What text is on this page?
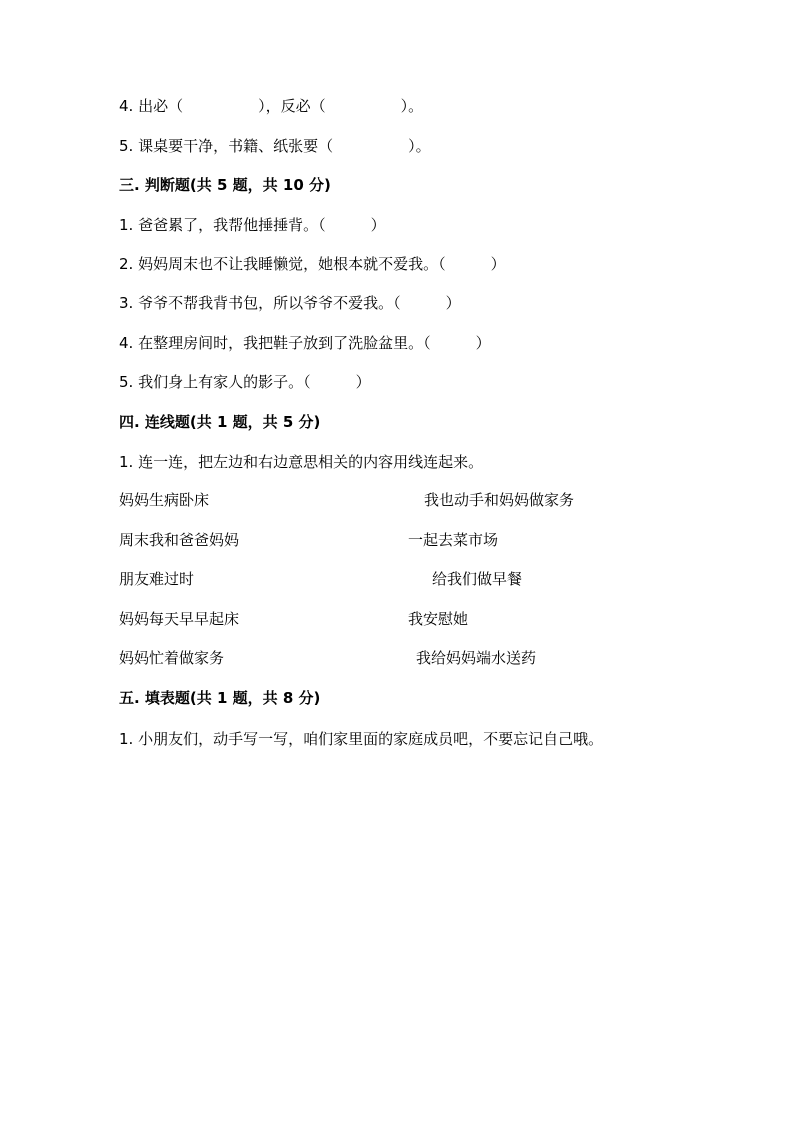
4. 出必（　　　　　），反必（　　　　　）。
5. 课桌要干净，书籍、纸张要（　　　　　）。
三. 判断题(共 5 题，共 10 分)
1. 爸爸累了，我帮他捶捶背。（　　　）
2. 妈妈周末也不让我睡懒觉，她根本就不爱我。（　　　）
3. 爷爷不帮我背书包，所以爷爷不爱我。（　　　）
4. 在整理房间时，我把鞋子放到了洗脸盆里。（　　　）
5. 我们身上有家人的影子。（　　　）
四. 连线题(共 1 题，共 5 分)
1. 连一连，把左边和右边意思相关的内容用线连起来。
妈妈生病卧床	我也动手和妈妈做家务
周末我和爸爸妈妈	一起去菜市场
朋友难过时	给我们做早餐
妈妈每天早早起床	我安慰她
妈妈忙着做家务	我给妈妈端水送药
五. 填表题(共 1 题，共 8 分)
1. 小朋友们，动手写一写，咱们家里面的家庭成员吧，不要忘记自己哦。
